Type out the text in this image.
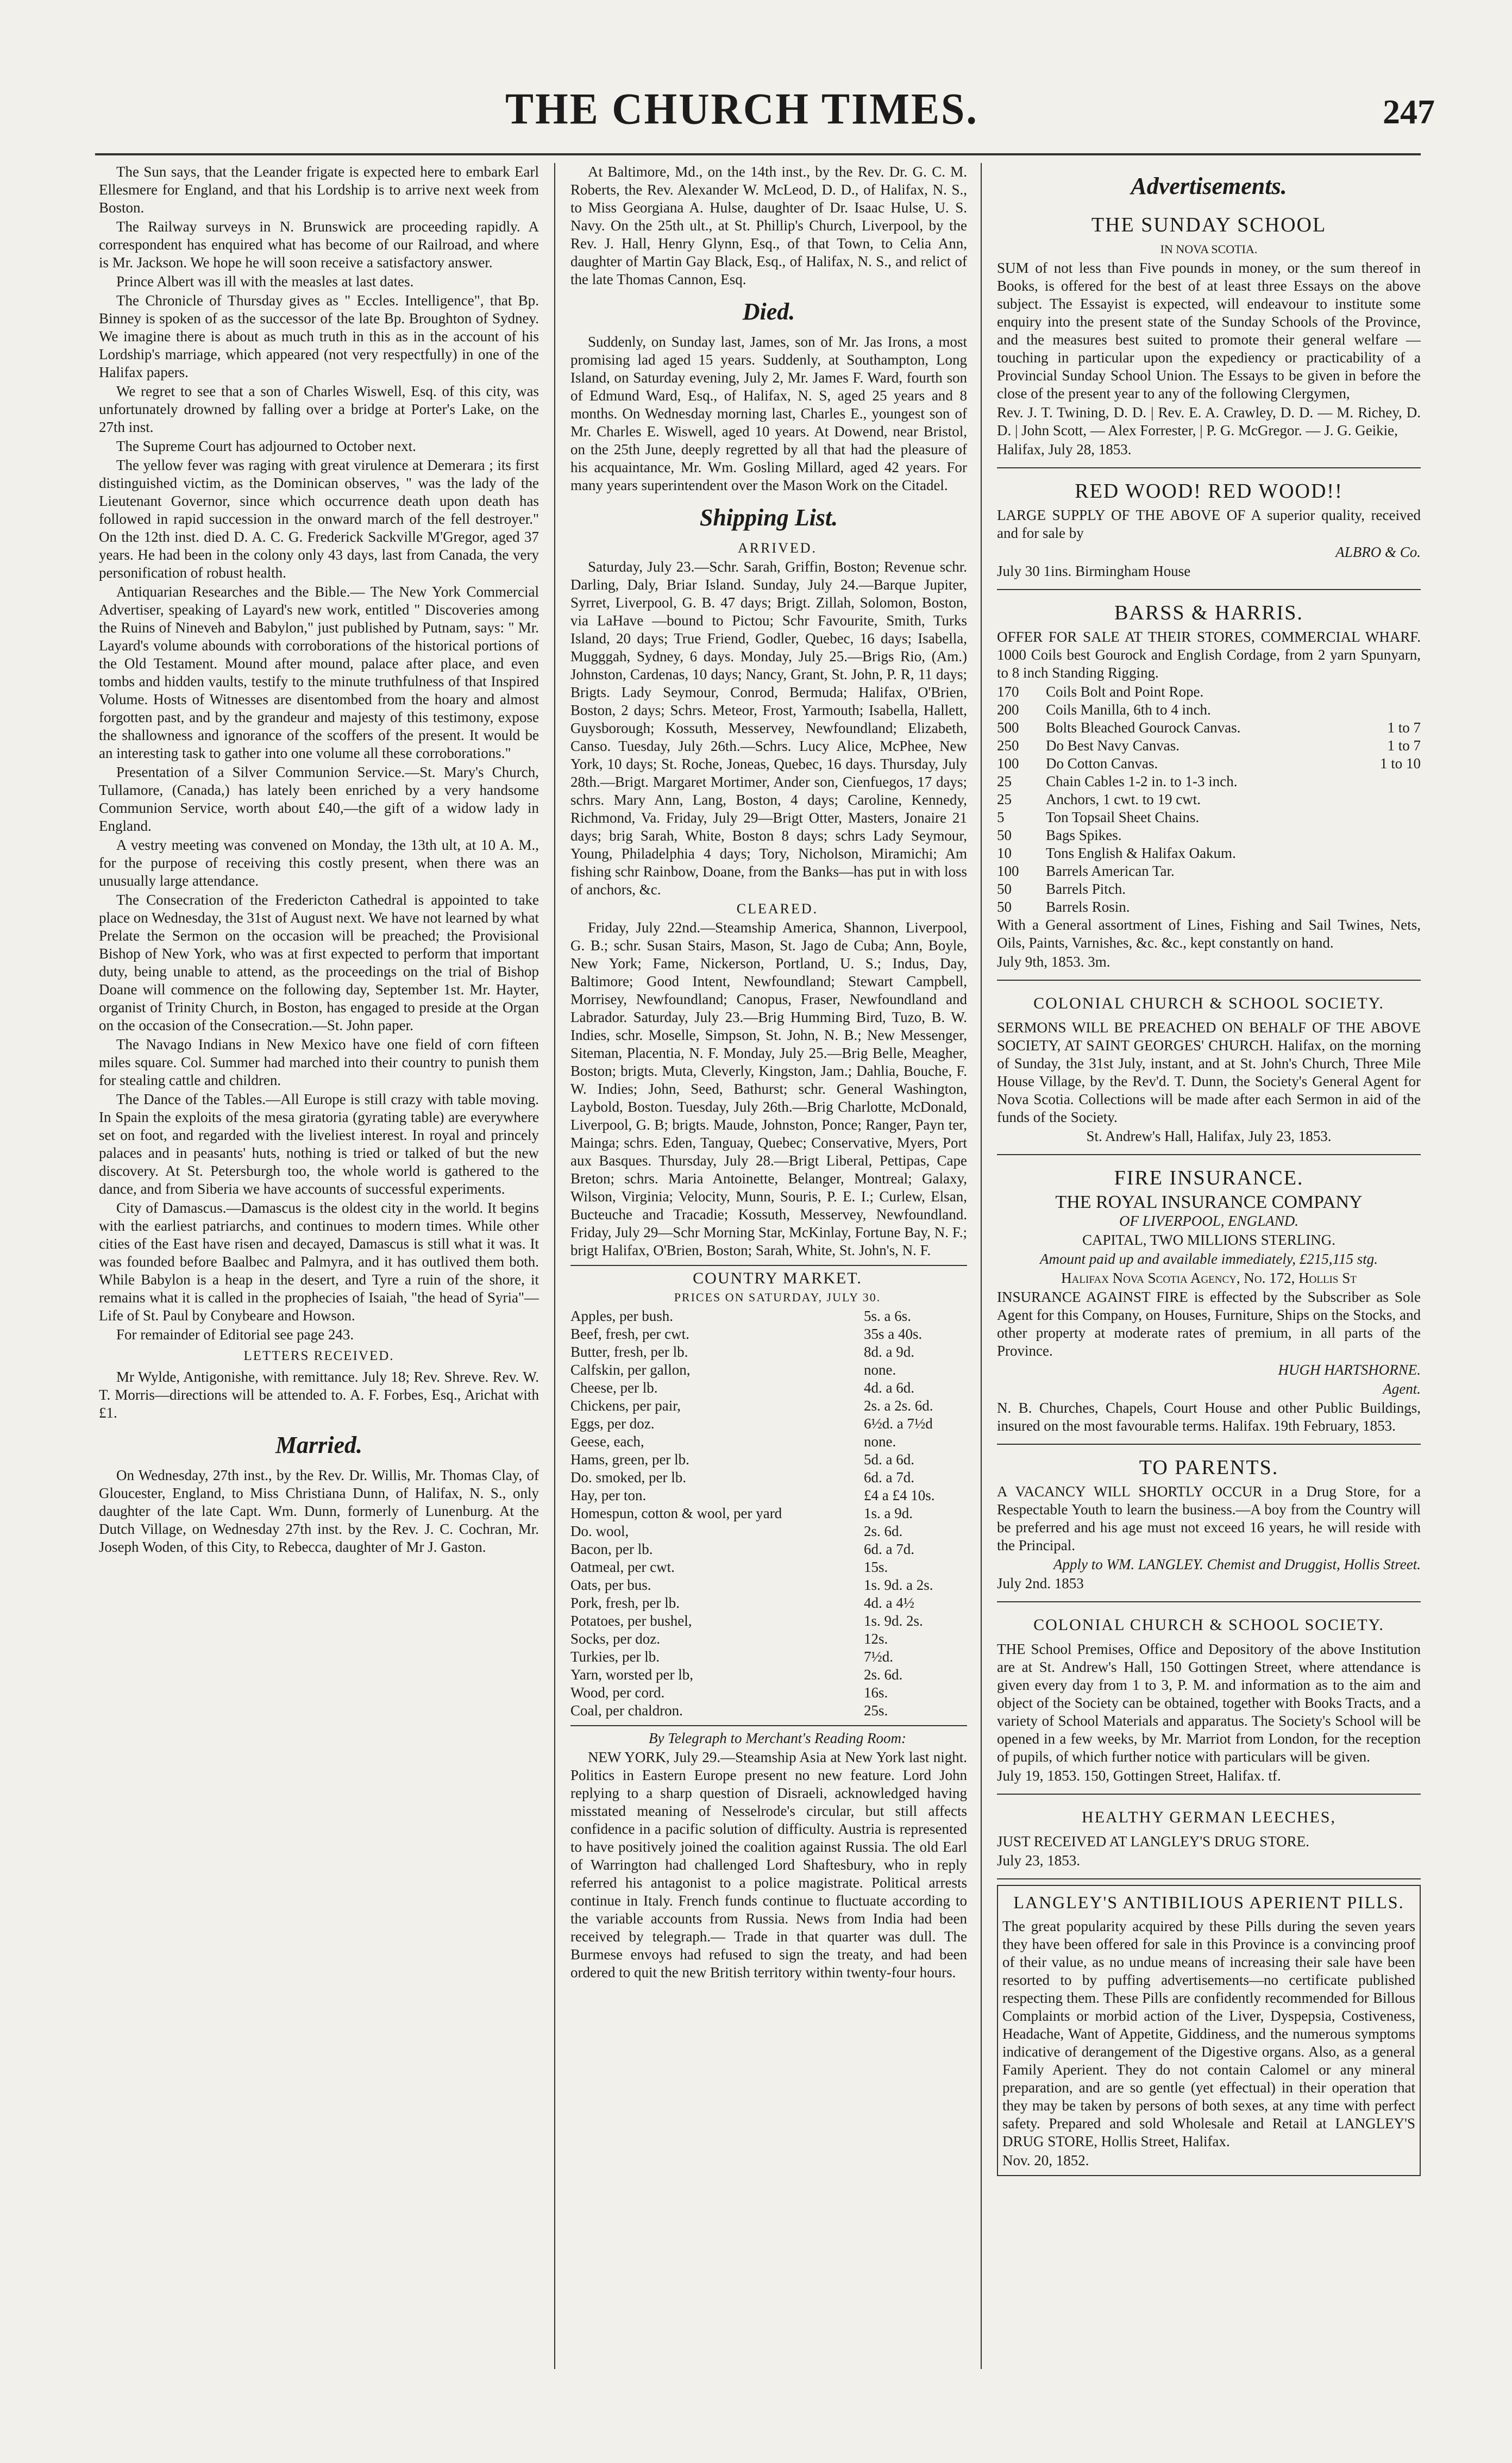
THE CHURCH TIMES.	247

The Sun says, that the Leander frigate is expected here to embark Earl Ellesmere for England, and that his Lordship is to arrive next week from Boston.

The Railway surveys in N. Brunswick are proceeding rapidly. A correspondent has enquired what has become of our Railroad, and where is Mr. Jackson. We hope he will soon receive a satisfactory answer.

Prince Albert was ill with the measles at last dates.

The Chronicle of Thursday gives as " Eccles. Intelligence", that Bp. Binney is spoken of as the successor of the late Bp. Broughton of Sydney. We imagine there is about as much truth in this as in the account of his Lordship's marriage, which appeared (not very respectfully) in one of the Halifax papers.

We regret to see that a son of Charles Wiswell, Esq. of this city, was unfortunately drowned by falling over a bridge at Porter's Lake, on the 27th inst.

The Supreme Court has adjourned to October next.

The yellow fever was raging with great virulence at Demerara ; its first distinguished victim, as the Dominican observes, " was the lady of the Lieutenant Governor, since which occurrence death upon death has followed in rapid succession in the onward march of the fell destroyer." On the 12th inst. died D. A. C. G. Frederick Sackville M'Gregor, aged 37 years. He had been in the colony only 43 days, last from Canada, the very personification of robust health.

Antiquarian Researches and the Bible.— The New York Commercial Advertiser, speaking of Layard's new work, entitled " Discoveries among the Ruins of Nineveh and Babylon," just published by Putnam, says: " Mr. Layard's volume abounds with corroborations of the historical portions of the Old Testament. Mound after mound, palace after place, and even tombs and hidden vaults, testify to the minute truthfulness of that Inspired Volume. Hosts of Witnesses are disentombed from the hoary and almost forgotten past, and by the grandeur and majesty of this testimony, expose the shallowness and ignorance of the scoffers of the present. It would be an interesting task to gather into one volume all these corroborations."

Presentation of a Silver Communion Service.—St. Mary's Church, Tullamore, (Canada,) has lately been enriched by a very handsome Communion Service, worth about £40,—the gift of a widow lady in England.

A vestry meeting was convened on Monday, the 13th ult, at 10 A. M., for the purpose of receiving this costly present, when there was an unusually large attendance.

The Consecration of the Fredericton Cathedral is appointed to take place on Wednesday, the 31st of August next. We have not learned by what Prelate the Sermon on the occasion will be preached; the Provisional Bishop of New York, who was at first expected to perform that important duty, being unable to attend, as the proceedings on the trial of Bishop Doane will commence on the following day, September 1st. Mr. Hayter, organist of Trinity Church, in Boston, has engaged to preside at the Organ on the occasion of the Consecration.—St. John paper.

The Navago Indians in New Mexico have one field of corn fifteen miles square. Col. Summer had marched into their country to punish them for stealing cattle and children.

The Dance of the Tables.—All Europe is still crazy with table moving. In Spain the exploits of the mesa giratoria (gyrating table) are everywhere set on foot, and regarded with the liveliest interest. In royal and princely palaces and in peasants' huts, nothing is tried or talked of but the new discovery. At St. Petersburgh too, the whole world is gathered to the dance, and from Siberia we have accounts of successful experiments.

City of Damascus.—Damascus is the oldest city in the world. It begins with the earliest patriarchs, and continues to modern times. While other cities of the East have risen and decayed, Damascus is still what it was. It was founded before Baalbec and Palmyra, and it has outlived them both. While Babylon is a heap in the desert, and Tyre a ruin of the shore, it remains what it is called in the prophecies of Isaiah, "the head of Syria"—Life of St. Paul by Conybeare and Howson.

For remainder of Editorial see page 243.

LETTERS RECEIVED.

Mr Wylde, Antigonishe, with remittance. July 18; Rev. Shreve. Rev. W. T. Morris—directions will be attended to. A. F. Forbes, Esq., Arichat with £1.

Married.

On Wednesday, 27th inst., by the Rev. Dr. Willis, Mr. Thomas Clay, of Gloucester, England, to Miss Christiana Dunn, of Halifax, N. S., only daughter of the late Capt. Wm. Dunn, formerly of Lunenburg. At the Dutch Village, on Wednesday 27th inst. by the Rev. J. C. Cochran, Mr. Joseph Woden, of this City, to Rebecca, daughter of Mr J. Gaston.

At Baltimore, Md., on the 14th inst., by the Rev. Dr. G. C. M. Roberts, the Rev. Alexander W. McLeod, D. D., of Halifax, N. S., to Miss Georgiana A. Hulse, daughter of Dr. Isaac Hulse, U. S. Navy. On the 25th ult., at St. Phillip's Church, Liverpool, by the Rev. J. Hall, Henry Glynn, Esq., of that Town, to Celia Ann, daughter of Martin Gay Black, Esq., of Halifax, N. S., and relict of the late Thomas Cannon, Esq.

Died.

Suddenly, on Sunday last, James, son of Mr. Jas Irons, a most promising lad aged 15 years. Suddenly, at Southampton, Long Island, on Saturday evening, July 2, Mr. James F. Ward, fourth son of Edmund Ward, Esq., of Halifax, N. S, aged 25 years and 8 months. On Wednesday morning last, Charles E., youngest son of Mr. Charles E. Wiswell, aged 10 years. At Dowend, near Bristol, on the 25th June, deeply regretted by all that had the pleasure of his acquaintance, Mr. Wm. Gosling Millard, aged 42 years. For many years superintendent over the Mason Work on the Citadel.

Shipping List.

ARRIVED.

Saturday, July 23.—Schr. Sarah, Griffin, Boston; Revenue schr. Darling, Daly, Briar Island. Sunday, July 24.—Barque Jupiter, Syrret, Liverpool, G. B. 47 days; Brigt. Zillah, Solomon, Boston, via LaHave —bound to Pictou; Schr Favourite, Smith, Turks Island, 20 days; True Friend, Godler, Quebec, 16 days; Isabella, Mugggah, Sydney, 6 days. Monday, July 25.—Brigs Rio, (Am.) Johnston, Cardenas, 10 days; Nancy, Grant, St. John, P. R, 11 days; Brigts. Lady Seymour, Conrod, Bermuda; Halifax, O'Brien, Boston, 2 days; Schrs. Meteor, Frost, Yarmouth; Isabella, Hallett, Guysborough; Kossuth, Messervey, Newfoundland; Elizabeth, Canso. Tuesday, July 26th.—Schrs. Lucy Alice, McPhee, New York, 10 days; St. Roche, Joneas, Quebec, 16 days. Thursday, July 28th.—Brigt. Margaret Mortimer, Ander son, Cienfuegos, 17 days; schrs. Mary Ann, Lang, Boston, 4 days; Caroline, Kennedy, Richmond, Va. Friday, July 29—Brigt Otter, Masters, Jonaire 21 days; brig Sarah, White, Boston 8 days; schrs Lady Seymour, Young, Philadelphia 4 days; Tory, Nicholson, Miramichi; Am fishing schr Rainbow, Doane, from the Banks—has put in with loss of anchors, &c.

CLEARED.

Friday, July 22nd.—Steamship America, Shannon, Liverpool, G. B.; schr. Susan Stairs, Mason, St. Jago de Cuba; Ann, Boyle, New York; Fame, Nickerson, Portland, U. S.; Indus, Day, Baltimore; Good Intent, Newfoundland; Stewart Campbell, Morrisey, Newfoundland; Canopus, Fraser, Newfoundland and Labrador. Saturday, July 23.—Brig Humming Bird, Tuzo, B. W. Indies, schr. Moselle, Simpson, St. John, N. B.; New Messenger, Siteman, Placentia, N. F. Monday, July 25.—Brig Belle, Meagher, Boston; brigts. Muta, Cleverly, Kingston, Jam.; Dahlia, Bouche, F. W. Indies; John, Seed, Bathurst; schr. General Washington, Laybold, Boston. Tuesday, July 26th.—Brig Charlotte, McDonald, Liverpool, G. B; brigts. Maude, Johnston, Ponce; Ranger, Payn ter, Mainga; schrs. Eden, Tanguay, Quebec; Conservative, Myers, Port aux Basques. Thursday, July 28.—Brigt Liberal, Pettipas, Cape Breton; schrs. Maria Antoinette, Belanger, Montreal; Galaxy, Wilson, Virginia; Velocity, Munn, Souris, P. E. I.; Curlew, Elsan, Bucteuche and Tracadie; Kossuth, Messervey, Newfoundland. Friday, July 29—Schr Morning Star, McKinlay, Fortune Bay, N. F.; brigt Halifax, O'Brien, Boston; Sarah, White, St. John's, N. F.

COUNTRY MARKET.

PRICES ON SATURDAY, JULY 30.

Apples, per bush.	5s. a 6s.
Beef, fresh, per cwt.	35s a 40s.
Butter, fresh, per lb.	8d. a 9d.
Calfskin, per gallon,	none.
Cheese, per lb.	4d. a 6d.
Chickens, per pair,	2s. a 2s. 6d.
Eggs, per doz.	6½d. a 7½d
Geese, each,	none.
Hams, green, per lb.	5d. a 6d.
Do. smoked, per lb.	6d. a 7d.
Hay, per ton.	£4 a £4 10s.
Homespun, cotton & wool, per yard	1s. a 9d.
Do. wool,	2s. 6d.
Bacon, per lb.	6d. a 7d.
Oatmeal, per cwt.	15s.
Oats, per bus.	1s. 9d. a 2s.
Pork, fresh, per lb.	4d. a 4½
Potatoes, per bushel,	1s. 9d. 2s.
Socks, per doz.	12s.
Turkies, per lb.	7½d.
Yarn, worsted per lb,	2s. 6d.
Wood, per cord.	16s.
Coal, per chaldron.	25s.

By Telegraph to Merchant's Reading Room:

NEW YORK, July 29.—Steamship Asia at New York last night. Politics in Eastern Europe present no new feature. Lord John replying to a sharp question of Disraeli, acknowledged having misstated meaning of Nesselrode's circular, but still affects confidence in a pacific solution of difficulty. Austria is represented to have positively joined the coalition against Russia. The old Earl of Warrington had challenged Lord Shaftesbury, who in reply referred his antagonist to a police magistrate. Political arrests continue in Italy. French funds continue to fluctuate according to the variable accounts from Russia. News from India had been received by telegraph.— Trade in that quarter was dull. The Burmese envoys had refused to sign the treaty, and had been ordered to quit the new British territory within twenty-four hours.

Advertisements.

THE SUNDAY SCHOOL

IN NOVA SCOTIA.

SUM of not less than Five pounds in money, or the sum thereof in Books, is offered for the best of at least three Essays on the above subject. The Essayist is expected, will endeavour to institute some enquiry into the present state of the Sunday Schools of the Province, and the measures best suited to promote their general welfare —touching in particular upon the expediency or practicability of a Provincial Sunday School Union. The Essays to be given in before the close of the present year to any of the following Clergymen,

Rev. J. T. Twining, D. D. | Rev. E. A. Crawley, D. D. — M. Richey, D. D. | John Scott, — Alex Forrester, | P. G. McGregor. — J. G. Geikie,

Halifax, July 28, 1853.

RED WOOD! RED WOOD!!

LARGE SUPPLY OF THE ABOVE OF A superior quality, received and for sale by

ALBRO & Co.

July 30 1ins. Birmingham House

BARSS & HARRIS.

OFFER FOR SALE AT THEIR STORES, COMMERCIAL WHARF. 1000 Coils best Gourock and English Cordage, from 2 yarn Spunyarn, to 8 inch Standing Rigging.

170	Coils Bolt and Point Rope.
200	Coils Manilla, 6th to 4 inch.
500	Bolts Bleached Gourock Canvas.	1 to 7
250	Do Best Navy Canvas.	1 to 7
100	Do Cotton Canvas.	1 to 10
25	Chain Cables 1-2 in. to 1-3 inch.
25	Anchors, 1 cwt. to 19 cwt.
5	Ton Topsail Sheet Chains.
50	Bags Spikes.
10	Tons English & Halifax Oakum.
100	Barrels American Tar.
50	Barrels Pitch.
50	Barrels Rosin.

With a General assortment of Lines, Fishing and Sail Twines, Nets, Oils, Paints, Varnishes, &c. &c., kept constantly on hand.

July 9th, 1853. 3m.

COLONIAL CHURCH & SCHOOL SOCIETY.

SERMONS WILL BE PREACHED ON BEHALF OF THE ABOVE SOCIETY, AT SAINT GEORGES' CHURCH. Halifax, on the morning of Sunday, the 31st July, instant, and at St. John's Church, Three Mile House Village, by the Rev'd. T. Dunn, the Society's General Agent for Nova Scotia. Collections will be made after each Sermon in aid of the funds of the Society.

St. Andrew's Hall, Halifax, July 23, 1853.

FIRE INSURANCE.

THE ROYAL INSURANCE COMPANY

OF LIVERPOOL, ENGLAND.

CAPITAL, TWO MILLIONS STERLING.

Amount paid up and available immediately, £215,115 stg.

Halifax Nova Scotia Agency, No. 172, Hollis St

INSURANCE AGAINST FIRE is effected by the Subscriber as Sole Agent for this Company, on Houses, Furniture, Ships on the Stocks, and other property at moderate rates of premium, in all parts of the Province.

HUGH HARTSHORNE.

Agent.

N. B. Churches, Chapels, Court House and other Public Buildings, insured on the most favourable terms. Halifax. 19th February, 1853.

TO PARENTS.

A VACANCY WILL SHORTLY OCCUR in a Drug Store, for a Respectable Youth to learn the business.—A boy from the Country will be preferred and his age must not exceed 16 years, he will reside with the Principal.

Apply to WM. LANGLEY. Chemist and Druggist, Hollis Street.

July 2nd. 1853

COLONIAL CHURCH & SCHOOL SOCIETY.

THE School Premises, Office and Depository of the above Institution are at St. Andrew's Hall, 150 Gottingen Street, where attendance is given every day from 1 to 3, P. M. and information as to the aim and object of the Society can be obtained, together with Books Tracts, and a variety of School Materials and apparatus. The Society's School will be opened in a few weeks, by Mr. Marriot from London, for the reception of pupils, of which further notice with particulars will be given.

July 19, 1853. 150, Gottingen Street, Halifax. tf.

HEALTHY GERMAN LEECHES,

JUST RECEIVED AT LANGLEY'S DRUG STORE.

July 23, 1853.

LANGLEY'S ANTIBILIOUS APERIENT PILLS.

The great popularity acquired by these Pills during the seven years they have been offered for sale in this Province is a convincing proof of their value, as no undue means of increasing their sale have been resorted to by puffing advertisements—no certificate published respecting them. These Pills are confidently recommended for Billous Complaints or morbid action of the Liver, Dyspepsia, Costiveness, Headache, Want of Appetite, Giddiness, and the numerous symptoms indicative of derangement of the Digestive organs. Also, as a general Family Aperient. They do not contain Calomel or any mineral preparation, and are so gentle (yet effectual) in their operation that they may be taken by persons of both sexes, at any time with perfect safety. Prepared and sold Wholesale and Retail at LANGLEY'S DRUG STORE, Hollis Street, Halifax.

Nov. 20, 1852.
